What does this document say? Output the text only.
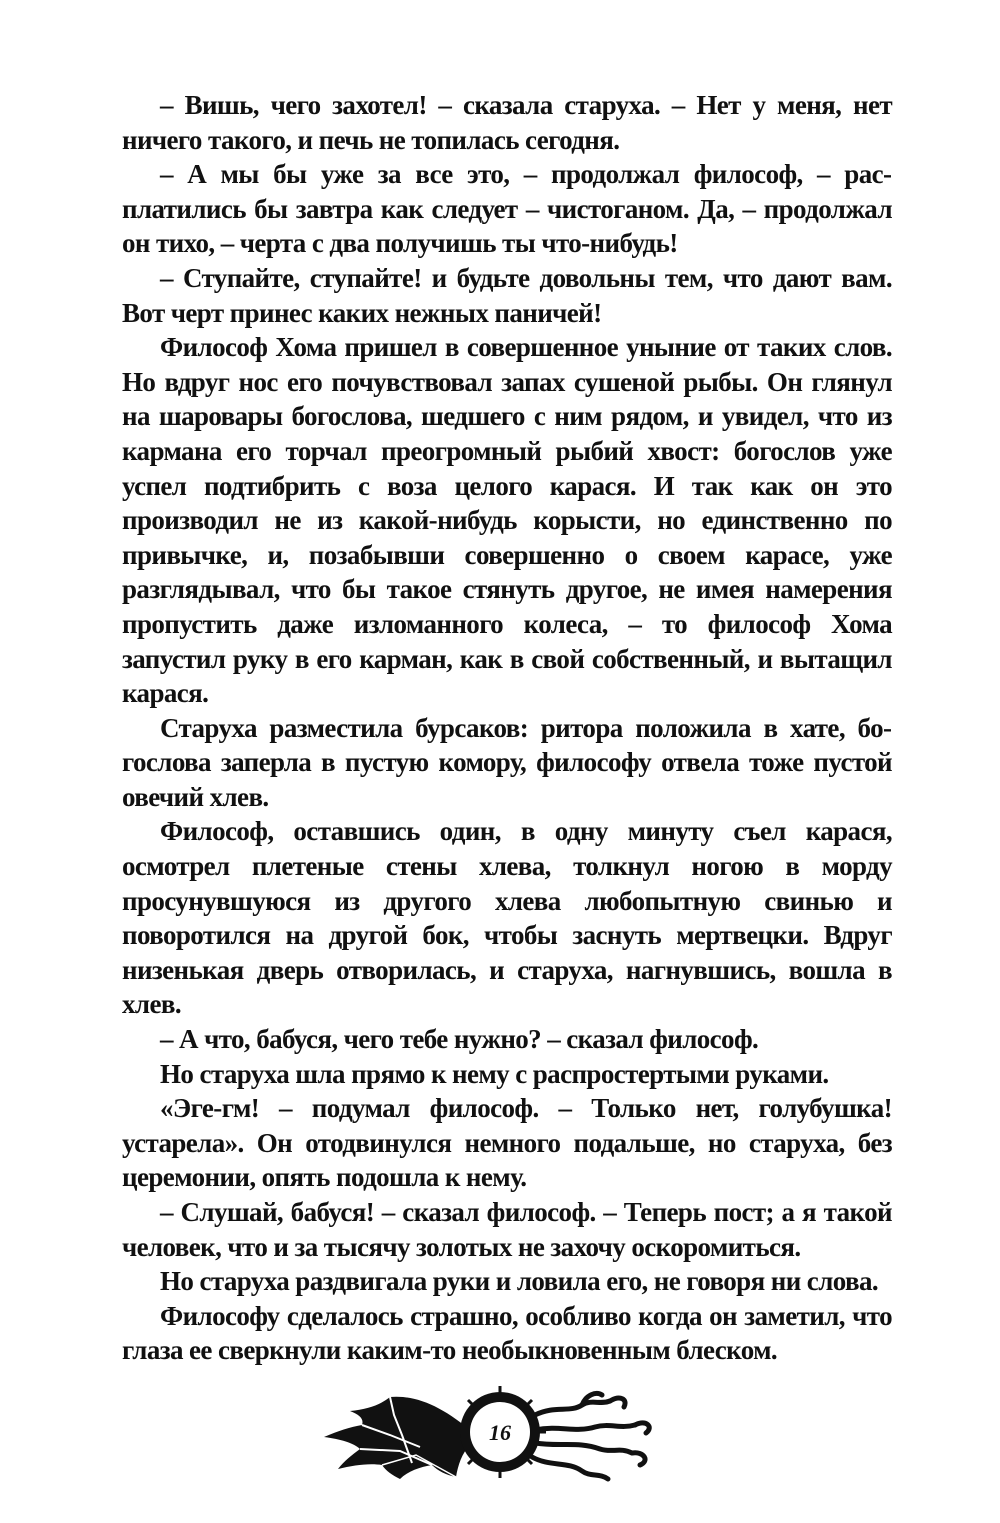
– Вишь, чего захотел! – сказала старуха. – Нет у меня, нет ничего такого, и печь не топилась сегодня.

– А мы бы уже за все это, – продолжал философ, – расплатились бы завтра как следует – чистоганом. Да, – продолжал он тихо, – черта с два получишь ты что-нибудь!

– Ступайте, ступайте! и будьте довольны тем, что дают вам. Вот черт принес каких нежных паничей!

Философ Хома пришел в совершенное уныние от таких слов. Но вдруг нос его почувствовал запах сушеной рыбы. Он глянул на шаровары богослова, шедшего с ним рядом, и увидел, что из кармана его торчал преогромный рыбий хвост: богослов уже успел подтибрить с воза целого карася. И так как он это производил не из какой-нибудь корысти, но единственно по привычке, и, позабывши совершенно о своем карасе, уже разглядывал, что бы такое стянуть другое, не имея намерения пропустить даже изломанного колеса, – то философ Хома запустил руку в его карман, как в свой собственный, и вытащил карася.

Старуха разместила бурсаков: ритора положила в хате, богослова заперла в пустую комору, философу отвела тоже пустой овечий хлев.

Философ, оставшись один, в одну минуту съел карася, осмотрел плетеные стены хлева, толкнул ногою в морду просунувшуюся из другого хлева любопытную свинью и поворотился на другой бок, чтобы заснуть мертвецки. Вдруг низенькая дверь отворилась, и старуха, нагнувшись, вошла в хлев.

– А что, бабуся, чего тебе нужно? – сказал философ.

Но старуха шла прямо к нему с распростертыми руками.

«Эге-гм! – подумал философ. – Только нет, голубушка! устарела». Он отодвинулся немного подальше, но старуха, без церемонии, опять подошла к нему.

– Слушай, бабуся! – сказал философ. – Теперь пост; а я такой человек, что и за тысячу золотых не захочу оскоромиться.

Но старуха раздвигала руки и ловила его, не говоря ни слова.

Философу сделалось страшно, особливо когда он заметил, что глаза ее сверкнули каким-то необыкновенным блеском.

16
